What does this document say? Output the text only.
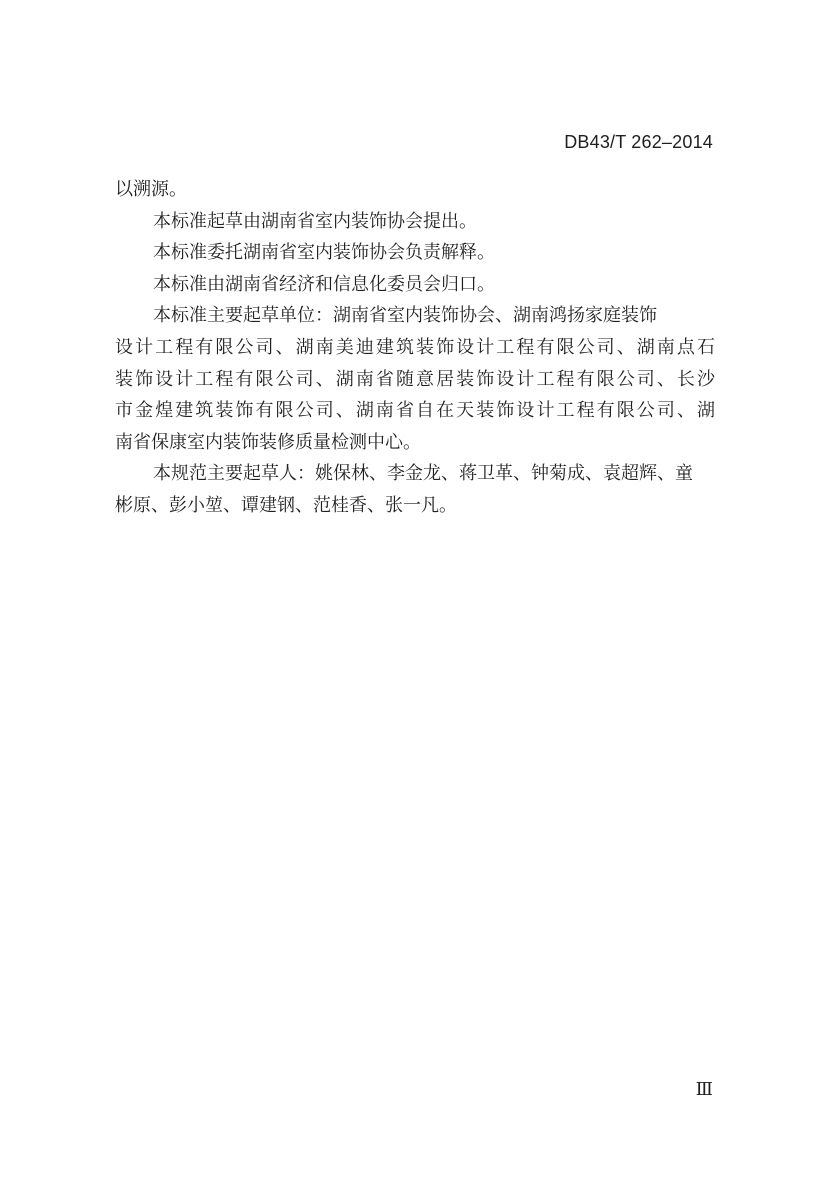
DB43/T 262–2014
以溯源。
本标准起草由湖南省室内装饰协会提出。
本标准委托湖南省室内装饰协会负责解释。
本标准由湖南省经济和信息化委员会归口。
本标准主要起草单位：湖南省室内装饰协会、湖南鸿扬家庭装饰
设计工程有限公司、湖南美迪建筑装饰设计工程有限公司、湖南点石
装饰设计工程有限公司、湖南省随意居装饰设计工程有限公司、长沙
市金煌建筑装饰有限公司、湖南省自在天装饰设计工程有限公司、湖
南省保康室内装饰装修质量检测中心。
本规范主要起草人：姚保林、李金龙、蒋卫革、钟菊成、袁超辉、童
彬原、彭小堃、谭建钢、范桂香、张一凡。
Ⅲ
